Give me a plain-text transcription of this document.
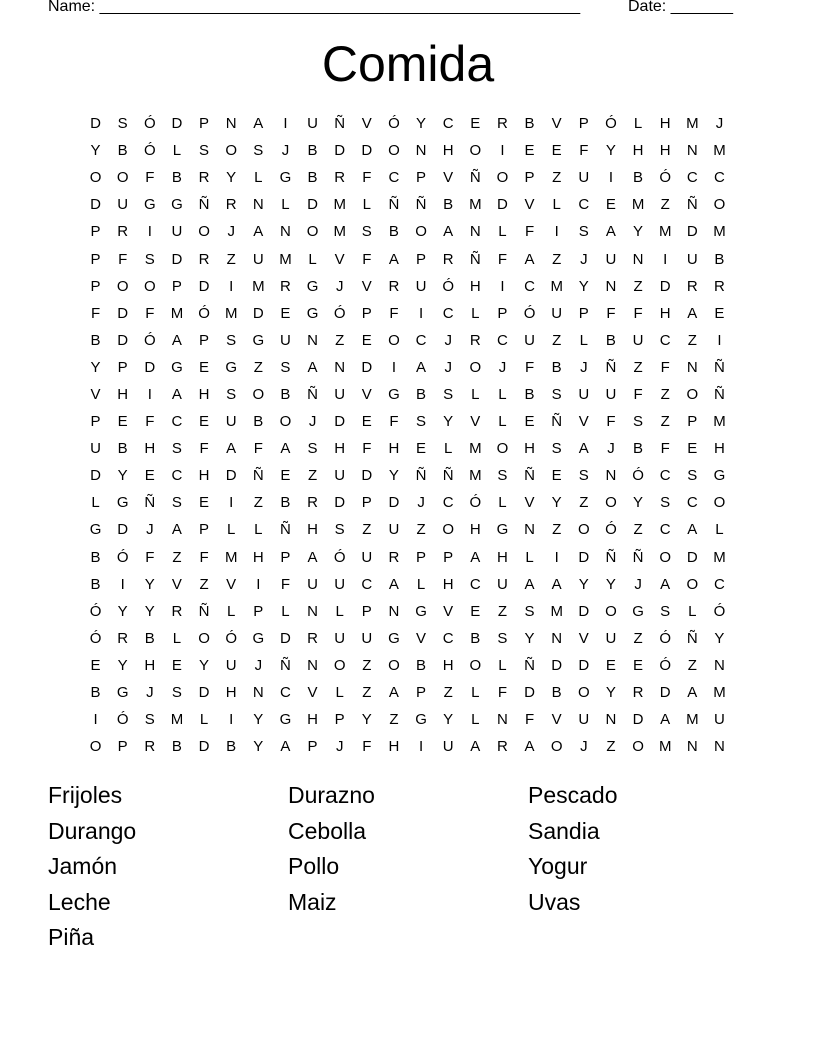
Name: ______________________________________________________	Date: _______
Comida
D	S	Ó	D	P	N	A	I	U	Ñ	V	Ó	Y	C	E	R	B	V	P	Ó	L	H	M	J
Y	B	Ó	L	S	O	S	J	B	D	D	O	N	H	O	I	E	E	F	Y	H	H	N	M
O	O	F	B	R	Y	L	G	B	R	F	C	P	V	Ñ	O	P	Z	U	I	B	Ó	C	C
D	U	G	G	Ñ	R	N	L	D	M	L	Ñ	Ñ	B	M	D	V	L	C	E	M	Z	Ñ	O
P	R	I	U	O	J	A	N	O	M	S	B	O	A	N	L	F	I	S	A	Y	M	D	M
P	F	S	D	R	Z	U	M	L	V	F	A	P	R	Ñ	F	A	Z	J	U	N	I	U	B
P	O	O	P	D	I	M	R	G	J	V	R	U	Ó	H	I	C	M	Y	N	Z	D	R	R
F	D	F	M	Ó	M	D	E	G	Ó	P	F	I	C	L	P	Ó	U	P	F	F	H	A	E
B	D	Ó	A	P	S	G	U	N	Z	E	O	C	J	R	C	U	Z	L	B	U	C	Z	I
Y	P	D	G	E	G	Z	S	A	N	D	I	A	J	O	J	F	B	J	Ñ	Z	F	N	Ñ
V	H	I	A	H	S	O	B	Ñ	U	V	G	B	S	L	L	B	S	U	U	F	Z	O	Ñ
P	E	F	C	E	U	B	O	J	D	E	F	S	Y	V	L	E	Ñ	V	F	S	Z	P	M
U	B	H	S	F	A	F	A	S	H	F	H	E	L	M	O	H	S	A	J	B	F	E	H
D	Y	E	C	H	D	Ñ	E	Z	U	D	Y	Ñ	Ñ	M	S	Ñ	E	S	N	Ó	C	S	G
L	G	Ñ	S	E	I	Z	B	R	D	P	D	J	C	Ó	L	V	Y	Z	O	Y	S	C	O
G	D	J	A	P	L	L	Ñ	H	S	Z	U	Z	O	H	G	N	Z	O	Ó	Z	C	A	L
B	Ó	F	Z	F	M	H	P	A	Ó	U	R	P	P	A	H	L	I	D	Ñ	Ñ	O	D	M
B	I	Y	V	Z	V	I	F	U	U	C	A	L	H	C	U	A	A	Y	Y	J	A	O	C
Ó	Y	Y	R	Ñ	L	P	L	N	L	P	N	G	V	E	Z	S	M	D	O	G	S	L	Ó
Ó	R	B	L	O	Ó	G	D	R	U	U	G	V	C	B	S	Y	N	V	U	Z	Ó	Ñ	Y
E	Y	H	E	Y	U	J	Ñ	N	O	Z	O	B	H	O	L	Ñ	D	D	E	E	Ó	Z	N
B	G	J	S	D	H	N	C	V	L	Z	A	P	Z	L	F	D	B	O	Y	R	D	A	M
I	Ó	S	M	L	I	Y	G	H	P	Y	Z	G	Y	L	N	F	V	U	N	D	A	M	U
O	P	R	B	D	B	Y	A	P	J	F	H	I	U	A	R	A	O	J	Z	O	M	N	N
Frijoles	Durazno	Pescado
Durango	Cebolla	Sandia
Jamón	Pollo	Yogur
Leche	Maiz	Uvas
Piña
